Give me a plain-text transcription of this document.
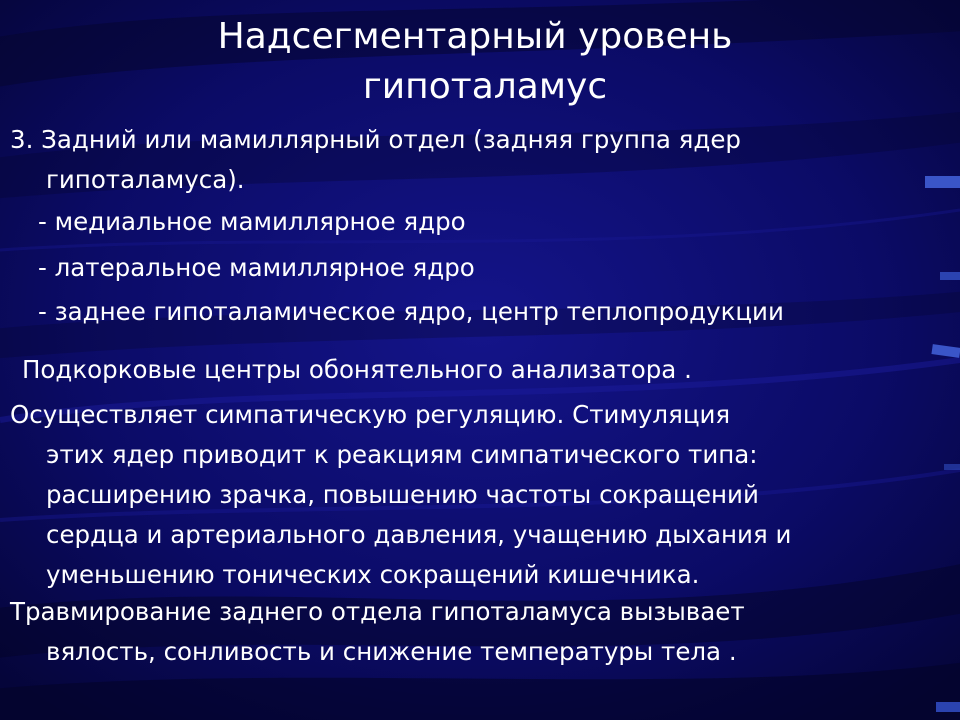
Надсегментарный уровень
гипоталамус

3. Задний или мамиллярный отдел (задняя группа ядер
гипоталамуса).

- медиальное мамиллярное ядро

- латеральное мамиллярное ядро

- заднее гипоталамическое ядро, центр теплопродукции

Подкорковые центры обонятельного анализатора .

Осуществляет симпатическую регуляцию. Стимуляция
этих ядер приводит к реакциям симпатического типа:
расширению зрачка, повышению частоты сокращений
сердца и артериального давления, учащению дыхания и
уменьшению тонических сокращений кишечника.

Травмирование заднего отдела гипоталамуса вызывает
вялость, сонливость и снижение температуры тела .
